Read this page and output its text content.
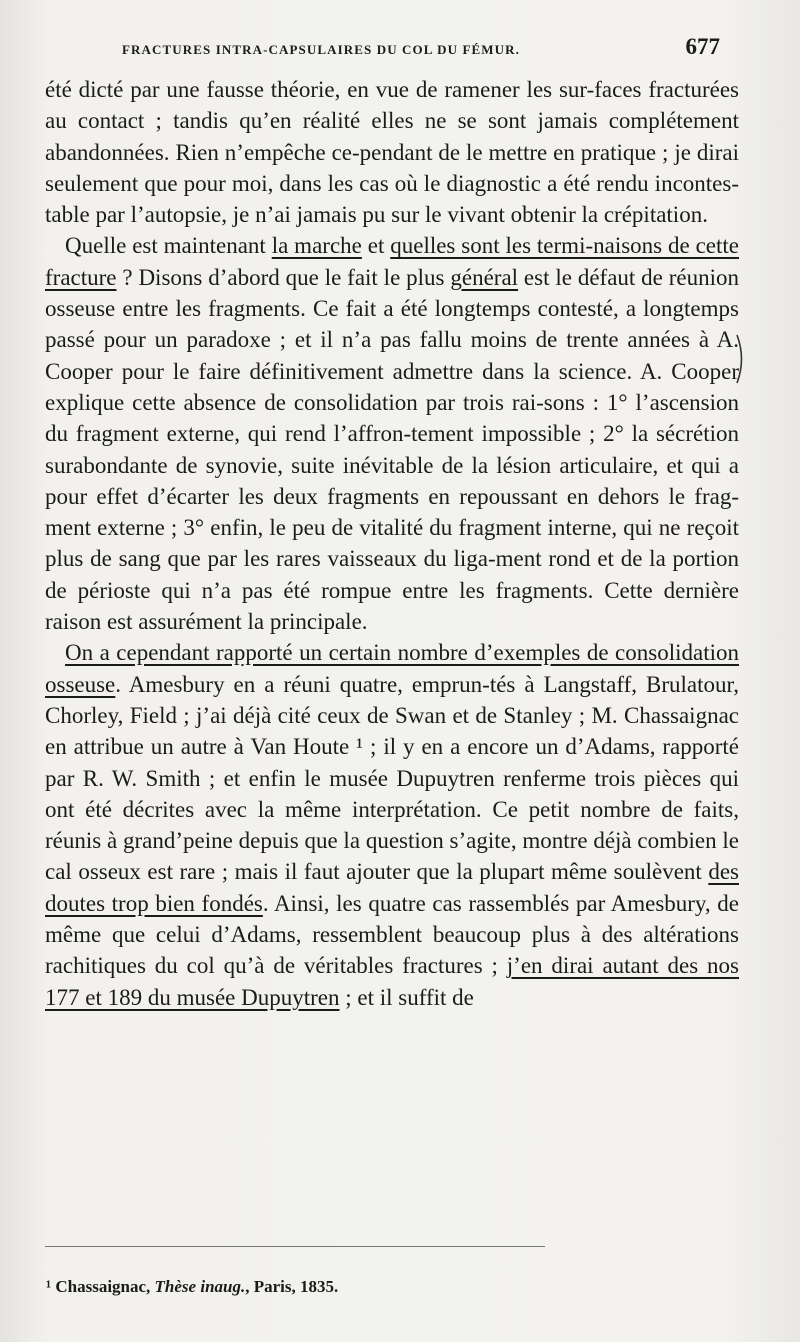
FRACTURES INTRA-CAPSULAIRES DU COL DU FÉMUR.	677

été dicté par une fausse théorie, en vue de ramener les sur-faces fracturées au contact ; tandis qu’en réalité elles ne se sont jamais complétement abandonnées. Rien n’empêche ce-pendant de le mettre en pratique ; je dirai seulement que pour moi, dans les cas où le diagnostic a été rendu incontes-table par l’autopsie, je n’ai jamais pu sur le vivant obtenir la crépitation.

Quelle est maintenant la marche et quelles sont les termi-naisons de cette fracture ? Disons d’abord que le fait le plus général est le défaut de réunion osseuse entre les fragments. Ce fait a été longtemps contesté, a longtemps passé pour un paradoxe ; et il n’a pas fallu moins de trente années à A. Cooper pour le faire définitivement admettre dans la science. A. Cooper explique cette absence de consolidation par trois rai-sons : 1° l’ascension du fragment externe, qui rend l’affron-tement impossible ; 2° la sécrétion surabondante de synovie, suite inévitable de la lésion articulaire, et qui a pour effet d’écarter les deux fragments en repoussant en dehors le frag-ment externe ; 3° enfin, le peu de vitalité du fragment interne, qui ne reçoit plus de sang que par les rares vaisseaux du liga-ment rond et de la portion de périoste qui n’a pas été rompue entre les fragments. Cette dernière raison est assurément la principale.

On a cependant rapporté un certain nombre d’exemples de consolidation osseuse. Amesbury en a réuni quatre, emprun-tés à Langstaff, Brulatour, Chorley, Field ; j’ai déjà cité ceux de Swan et de Stanley ; M. Chassaignac en attribue un autre à Van Houte ¹ ; il y en a encore un d’Adams, rapporté par R. W. Smith ; et enfin le musée Dupuytren renferme trois pièces qui ont été décrites avec la même interprétation. Ce petit nombre de faits, réunis à grand’peine depuis que la question s’agite, montre déjà combien le cal osseux est rare ; mais il faut ajouter que la plupart même soulèvent des doutes trop bien fondés. Ainsi, les quatre cas rassemblés par Amesbury, de même que celui d’Adams, ressemblent beaucoup plus à des altérations rachitiques du col qu’à de véritables fractures ; j’en dirai autant des nos 177 et 189 du musée Dupuytren ; et il suffit de

¹ Chassaignac, Thèse inaug., Paris, 1835.
